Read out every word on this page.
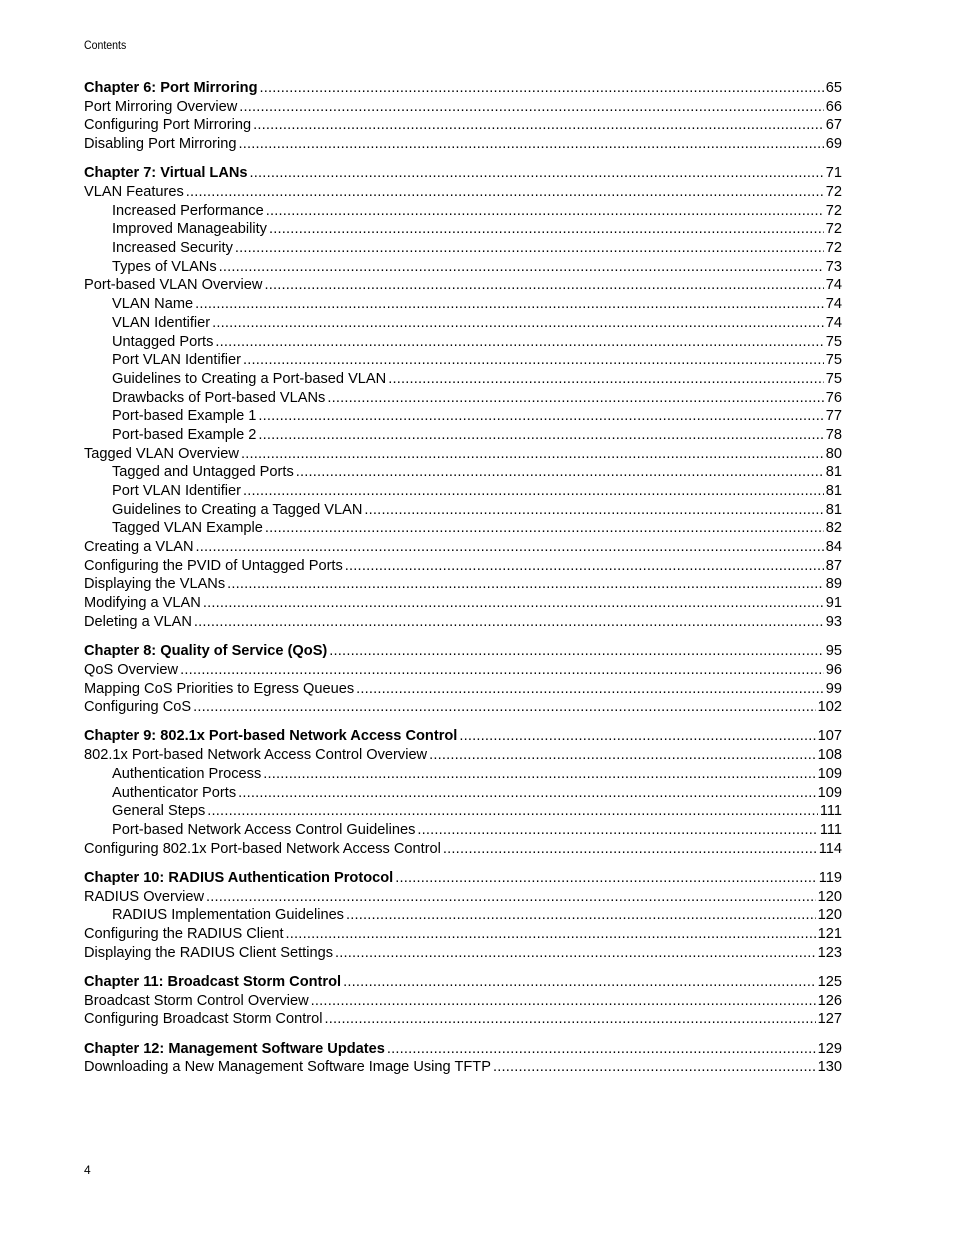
Contents
Chapter 6: Port Mirroring .....	65
Port Mirroring Overview .....	66
Configuring Port Mirroring .....	67
Disabling Port Mirroring .....	69
Chapter 7: Virtual LANs .....	71
VLAN Features .....	72
Increased Performance .....	72
Improved Manageability .....	72
Increased Security .....	72
Types of VLANs .....	73
Port-based VLAN Overview .....	74
VLAN Name .....	74
VLAN Identifier .....	74
Untagged Ports .....	75
Port VLAN Identifier .....	75
Guidelines to Creating a Port-based VLAN .....	75
Drawbacks of Port-based VLANs .....	76
Port-based Example 1 .....	77
Port-based Example 2 .....	78
Tagged VLAN Overview .....	80
Tagged and Untagged Ports .....	81
Port VLAN Identifier .....	81
Guidelines to Creating a Tagged VLAN .....	81
Tagged VLAN Example .....	82
Creating a VLAN .....	84
Configuring the PVID of Untagged Ports .....	87
Displaying the VLANs .....	89
Modifying a VLAN .....	91
Deleting a VLAN .....	93
Chapter 8: Quality of Service (QoS) .....	95
QoS Overview .....	96
Mapping CoS Priorities to Egress Queues .....	99
Configuring CoS .....	102
Chapter 9: 802.1x Port-based Network Access Control .....	107
802.1x Port-based Network Access Control Overview .....	108
Authentication Process .....	109
Authenticator Ports .....	109
General Steps .....	111
Port-based Network Access Control Guidelines .....	111
Configuring 802.1x Port-based Network Access Control .....	114
Chapter 10: RADIUS Authentication Protocol .....	119
RADIUS Overview .....	120
RADIUS Implementation Guidelines .....	120
Configuring the RADIUS Client .....	121
Displaying the RADIUS Client Settings .....	123
Chapter 11: Broadcast Storm Control .....	125
Broadcast Storm Control Overview .....	126
Configuring Broadcast Storm Control .....	127
Chapter 12: Management Software Updates .....	129
Downloading a New Management Software Image Using TFTP .....	130
4
